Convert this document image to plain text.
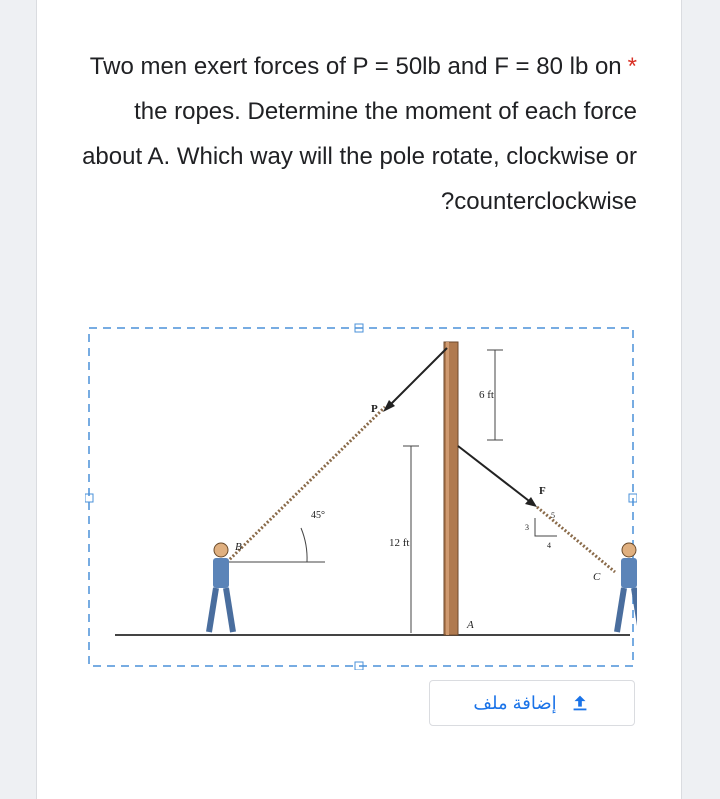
*Two men exert forces of P = 50lb and F = 80 lb on the ropes. Determine the moment of each force about A. Which way will the pole rotate, clockwise or ?counterclockwise
P
F
A
B
C
6 ft
12 ft
45°
3
4
5
إضافة ملف
